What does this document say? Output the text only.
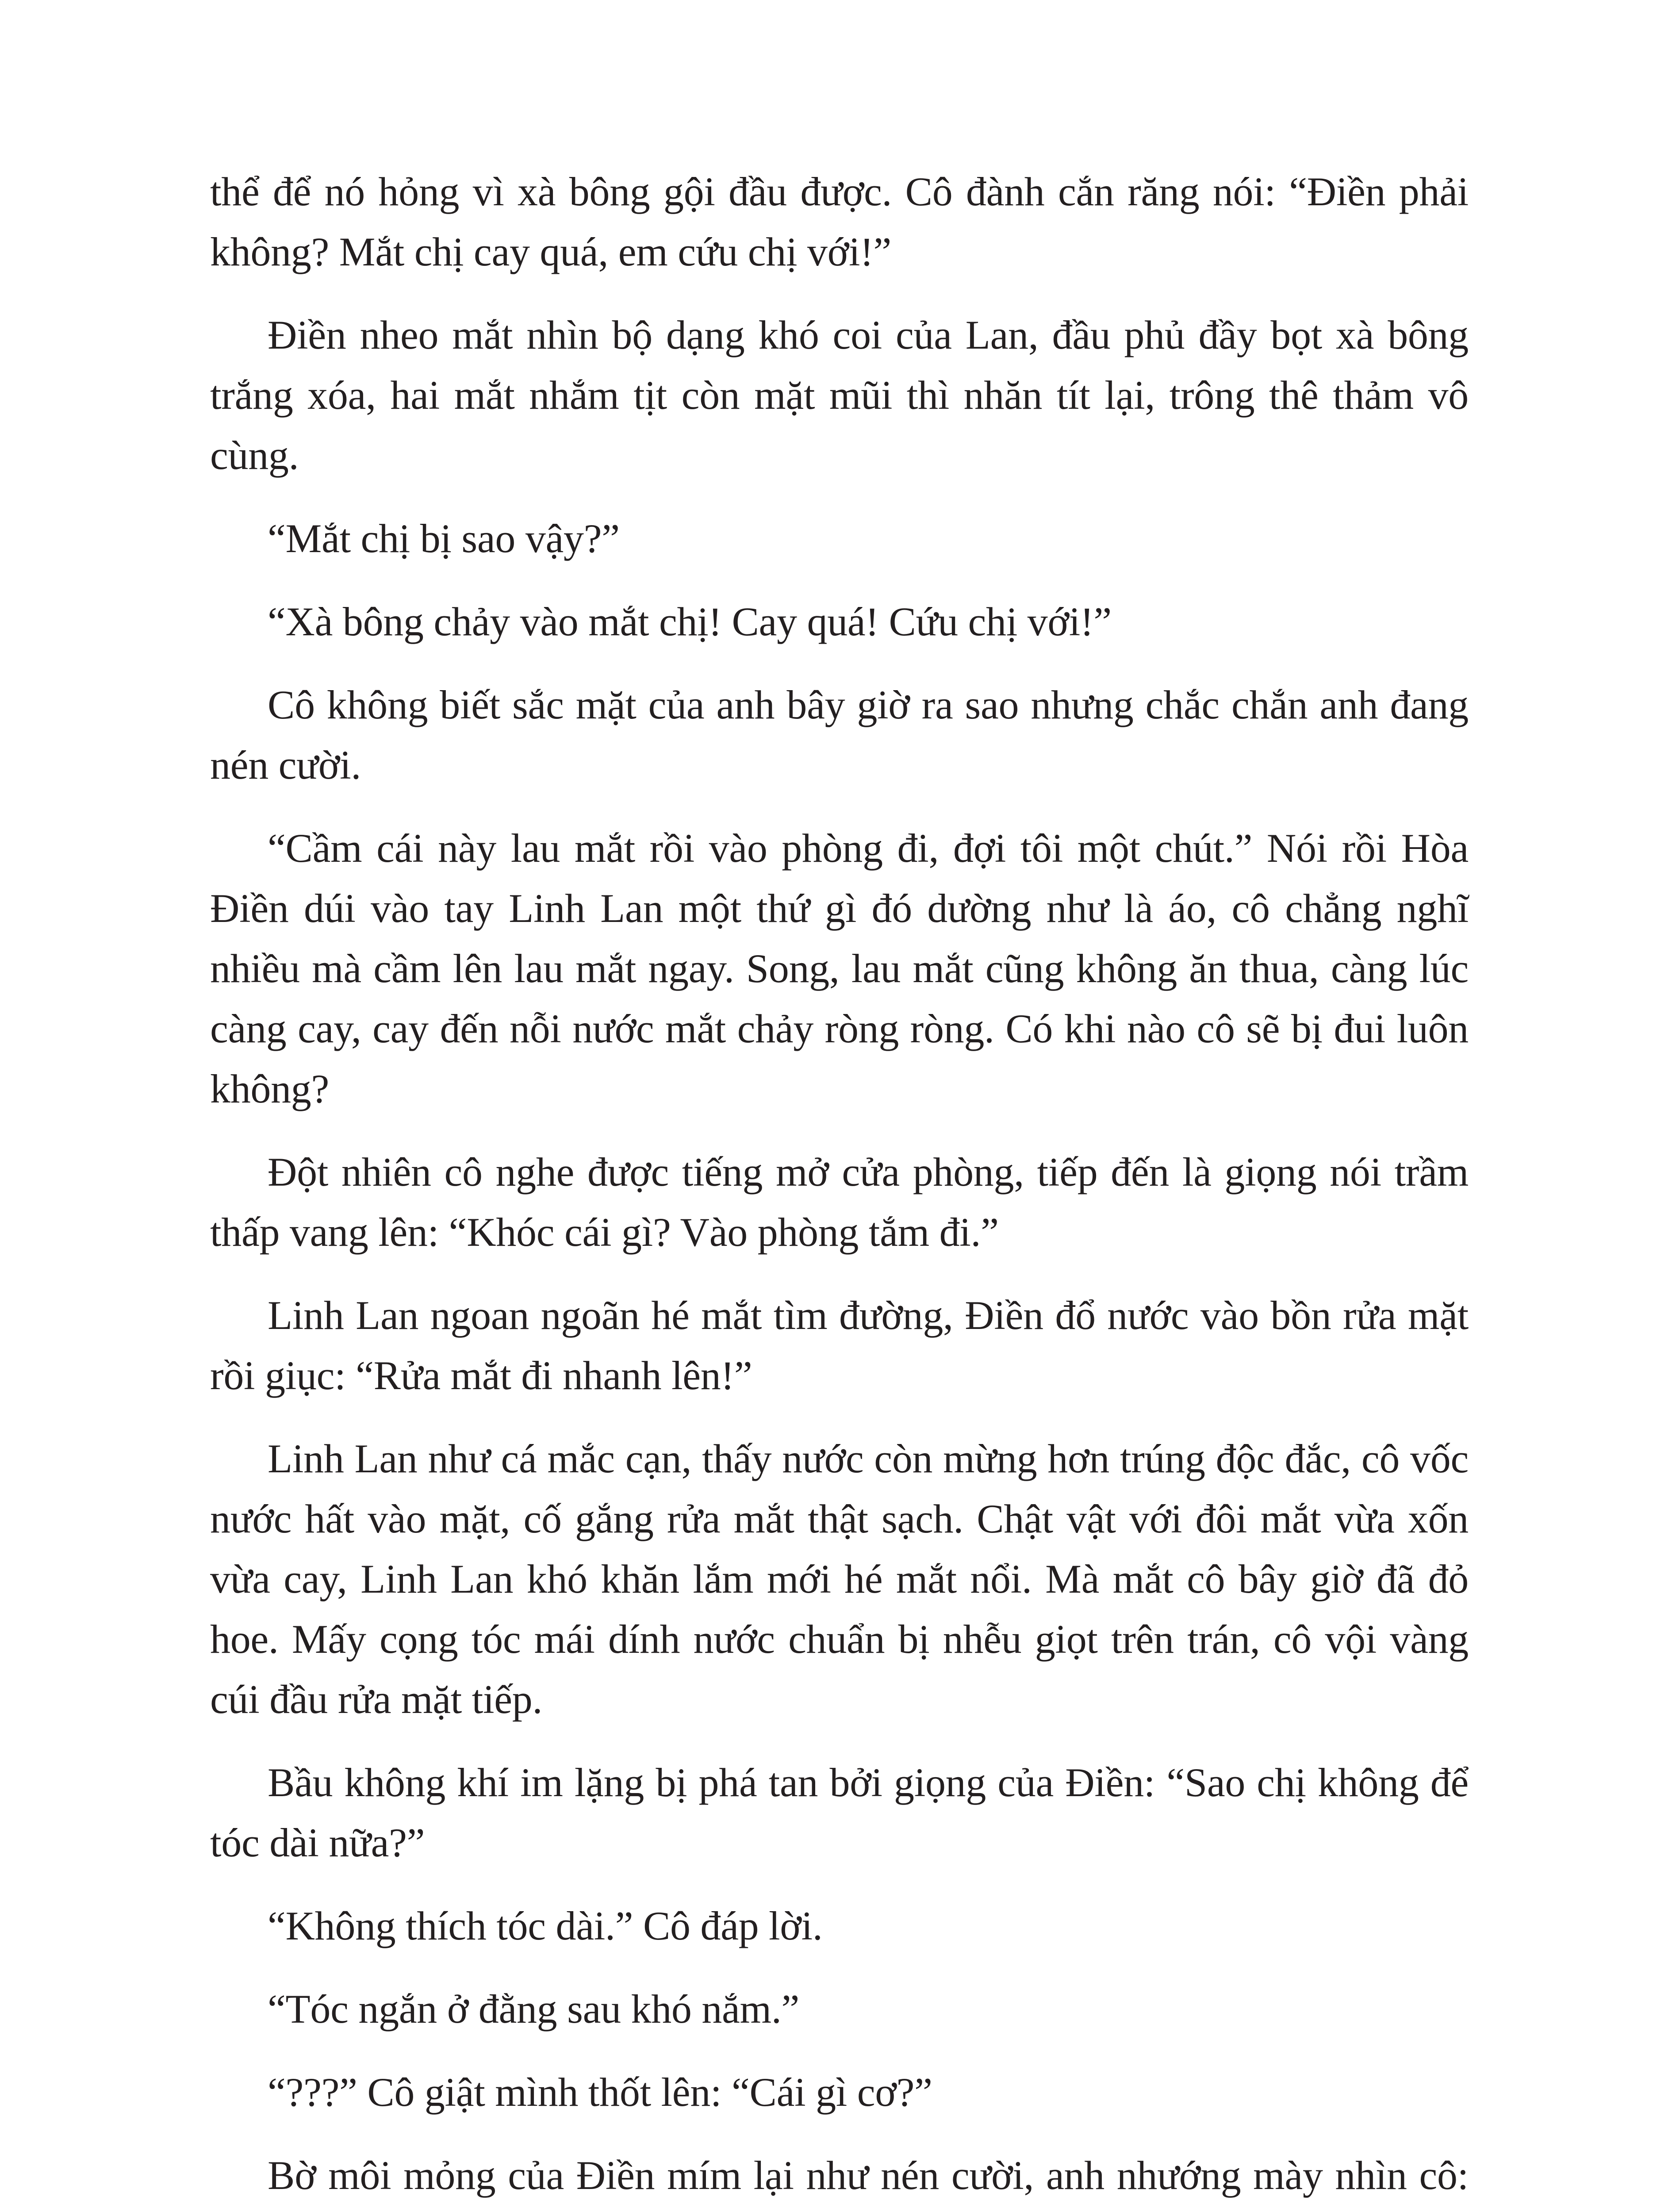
thể để nó hỏng vì xà bông gội đầu được. Cô đành cắn răng nói: “Điền phải không? Mắt chị cay quá, em cứu chị với!”

Điền nheo mắt nhìn bộ dạng khó coi của Lan, đầu phủ đầy bọt xà bông trắng xóa, hai mắt nhắm tịt còn mặt mũi thì nhăn tít lại, trông thê thảm vô cùng.

“Mắt chị bị sao vậy?”

“Xà bông chảy vào mắt chị! Cay quá! Cứu chị với!”

Cô không biết sắc mặt của anh bây giờ ra sao nhưng chắc chắn anh đang nén cười.

“Cầm cái này lau mắt rồi vào phòng đi, đợi tôi một chút.” Nói rồi Hòa Điền dúi vào tay Linh Lan một thứ gì đó dường như là áo, cô chẳng nghĩ nhiều mà cầm lên lau mắt ngay. Song, lau mắt cũng không ăn thua, càng lúc càng cay, cay đến nỗi nước mắt chảy ròng ròng. Có khi nào cô sẽ bị đui luôn không?

Đột nhiên cô nghe được tiếng mở cửa phòng, tiếp đến là giọng nói trầm thấp vang lên: “Khóc cái gì? Vào phòng tắm đi.”

Linh Lan ngoan ngoãn hé mắt tìm đường, Điền đổ nước vào bồn rửa mặt rồi giục: “Rửa mắt đi nhanh lên!”

Linh Lan như cá mắc cạn, thấy nước còn mừng hơn trúng độc đắc, cô vốc nước hất vào mặt, cố gắng rửa mắt thật sạch. Chật vật với đôi mắt vừa xốn vừa cay, Linh Lan khó khăn lắm mới hé mắt nổi. Mà mắt cô bây giờ đã đỏ hoe. Mấy cọng tóc mái dính nước chuẩn bị nhễu giọt trên trán, cô vội vàng cúi đầu rửa mặt tiếp.

Bầu không khí im lặng bị phá tan bởi giọng của Điền: “Sao chị không để tóc dài nữa?”

“Không thích tóc dài.” Cô đáp lời.

“Tóc ngắn ở đằng sau khó nắm.”

“???” Cô giật mình thốt lên: “Cái gì cơ?”

Bờ môi mỏng của Điền mím lại như nén cười, anh nhướng mày nhìn cô:
